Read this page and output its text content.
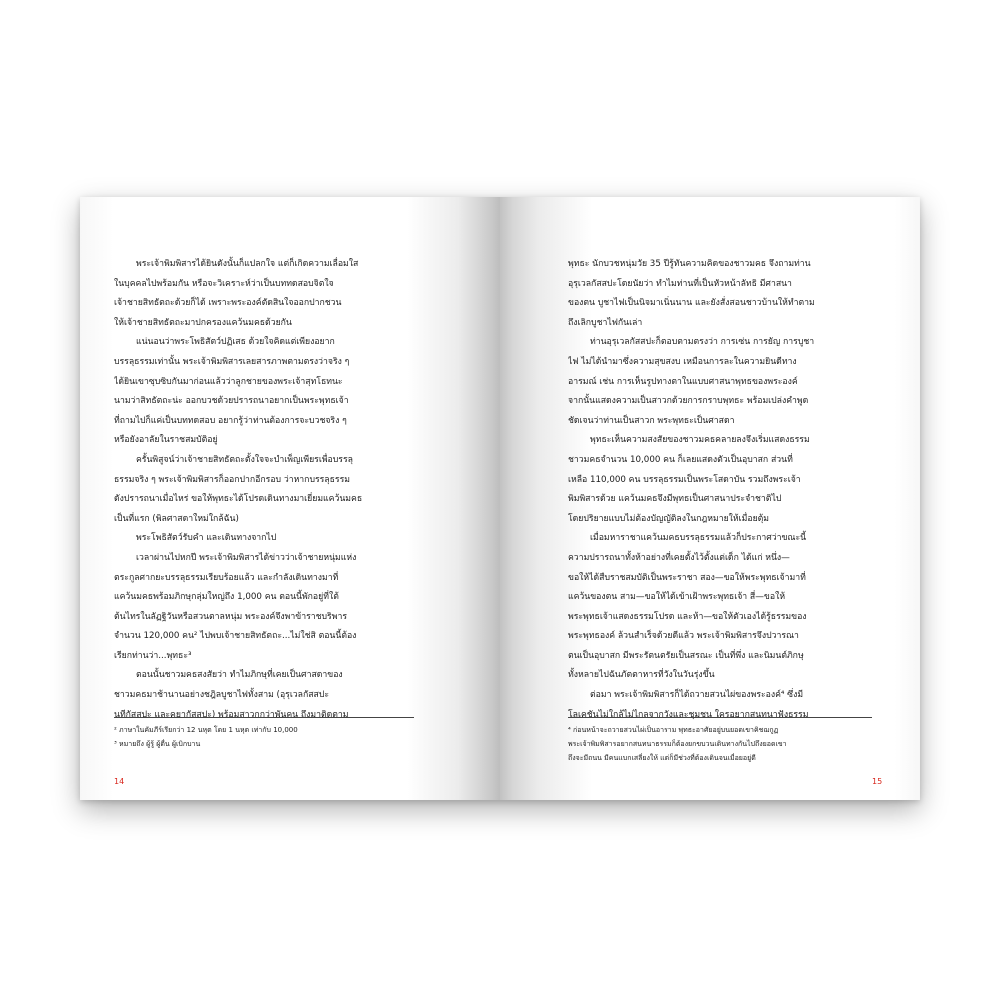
พระเจ้าพิมพิสารได้ยินดังนั้นก็แปลกใจ แต่ก็เกิดความเลื่อมใส
ในบุคคลไปพร้อมกัน หรือจะวิเคราะห์ว่าเป็นบททดสอบจิตใจ
เจ้าชายสิทธัตถะด้วยก็ได้ เพราะพระองค์ตัดสินใจออกปากชวน
ให้เจ้าชายสิทธัตถะมาปกครองแคว้นมคธด้วยกัน
แน่นอนว่าพระโพธิสัตว์ปฏิเสธ ด้วยใจคิดแต่เพียงอยาก
บรรลุธรรมเท่านั้น พระเจ้าพิมพิสารเลยสารภาพตามตรงว่าจริง ๆ
ได้ยินเขาซุบซิบกันมาก่อนแล้วว่าลูกชายของพระเจ้าสุทโธทนะ
นามว่าสิทธัตถะน่ะ ออกบวชด้วยปรารถนาอยากเป็นพระพุทธเจ้า
ที่ถามไปก็แค่เป็นบททดสอบ อยากรู้ว่าท่านต้องการจะบวชจริง ๆ
หรือยังอาลัยในราชสมบัติอยู่
ครั้นพิสูจน์ว่าเจ้าชายสิทธัตถะตั้งใจจะบำเพ็ญเพียรเพื่อบรรลุ
ธรรมจริง ๆ พระเจ้าพิมพิสารก็ออกปากอีกรอบ ว่าหากบรรลุธรรม
ดังปรารถนาเมื่อไหร่ ขอให้พุทธะได้โปรดเดินทางมาเยี่ยมแคว้นมคธ
เป็นที่แรก (พิลศาสดาใหม่ใกล้ฉัน)
พระโพธิสัตว์รับคำ และเดินทางจากไป
เวลาผ่านไปหกปี พระเจ้าพิมพิสารได้ข่าวว่าเจ้าชายหนุ่มแห่ง
ตระกูลศากยะบรรลุธรรมเรียบร้อยแล้ว และกำลังเดินทางมาที่
แคว้นมคธพร้อมภิกษุกลุ่มใหญ่ถึง 1,000 คน ตอนนี้พักอยู่ที่ใต้
ต้นไทรในลัฏฐิวันหรือสวนตาลหนุ่ม พระองค์จึงพาข้าราชบริพาร
จำนวน 120,000 คน² ไปพบเจ้าชายสิทธัตถะ...ไม่ใช่สิ ตอนนี้ต้อง
เรียกท่านว่า...พุทธะ³
ตอนนั้นชาวมคธสงสัยว่า ทำไมภิกษุที่เคยเป็นศาสดาของ
ชาวมคธมาช้านานอย่างชฎิลบูชาไฟทั้งสาม (อุรุเวลกัสสปะ
นทีกัสสปะ และคยากัสสปะ) พร้อมสาวกกว่าพันคน ถึงมาติดตาม
² ภาษาในคัมภีร์เรียกว่า 12 นหุต โดย 1 นหุต เท่ากับ 10,000
³ หมายถึง ผู้รู้ ผู้ตื่น ผู้เบิกบาน
14
พุทธะ นักบวชหนุ่มวัย 35 ปีรู้ทันความคิดของชาวมคธ จึงถามท่าน
อุรุเวลกัสสปะโดยนัยว่า ทำไมท่านที่เป็นหัวหน้าลัทธิ มีศาสนา
ของตน บูชาไฟเป็นนิจมาเนิ่นนาน และยังสั่งสอนชาวบ้านให้ทำตาม
ถึงเลิกบูชาไฟกันเล่า
ท่านอุรุเวลกัสสปะก็ตอบตามตรงว่า การเซ่น การยัญ การบูชา
ไฟ ไม่ได้นำมาซึ่งความสุขสงบ เหมือนการละในความยินดีทาง
อารมณ์ เช่น การเห็นรูปทางตาในแบบศาสนาพุทธของพระองค์
จากนั้นแสดงความเป็นสาวกด้วยการกราบพุทธะ พร้อมเปล่งคำพูด
ชัดเจนว่าท่านเป็นสาวก พระพุทธะเป็นศาสดา
พุทธะเห็นความสงสัยของชาวมคธคลายลงจึงเริ่มแสดงธรรม
ชาวมคธจำนวน 10,000 คน ก็เลยแสดงตัวเป็นอุบาสก ส่วนที่
เหลือ 110,000 คน บรรลุธรรมเป็นพระโสดาบัน รวมถึงพระเจ้า
พิมพิสารด้วย แคว้นมคธจึงมีพุทธเป็นศาสนาประจำชาติไป
โดยปริยายแบบไม่ต้องบัญญัติลงในกฎหมายให้เมื่อยตุ้ม
เมื่อมหาราชาแคว้นมคธบรรลุธรรมแล้วก็ประกาศว่าขณะนี้
ความปรารถนาทั้งห้าอย่างที่เคยตั้งไว้ตั้งแต่เด็ก ได้แก่ หนึ่ง—
ขอให้ได้สืบราชสมบัติเป็นพระราชา สอง—ขอให้พระพุทธเจ้ามาที่
แคว้นของตน สาม—ขอให้ได้เข้าเฝ้าพระพุทธเจ้า สี่—ขอให้
พระพุทธเจ้าแสดงธรรมโปรด และห้า—ขอให้ตัวเองได้รู้ธรรมของ
พระพุทธองค์ ล้วนสำเร็จด้วยดีแล้ว พระเจ้าพิมพิสารจึงปวารณา
ตนเป็นอุบาสก มีพระรัตนตรัยเป็นสรณะ เป็นที่พึ่ง และนิมนต์ภิกษุ
ทั้งหลายไปฉันภัตตาหารที่วังในวันรุ่งขึ้น
ต่อมา พระเจ้าพิมพิสารก็ได้ถวายสวนไผ่ของพระองค์⁴ ซึ่งมี
โลเคชันไม่ใกล้ไม่ไกลจากวังและชุมชน ใครอยากสนทนาฟังธรรม
⁴ ก่อนหน้าจะถวายสวนไผ่เป็นอาราม พุทธะอาศัยอยู่บนยอดเขาคิชฌกูฏ
พระเจ้าพิมพิสารอยากสนทนาธรรมก็ต้องยกขบวนเดินทางกันไปถึงยอดเขา
ถึงจะมีถนน มีคนแบกเสลี่ยงให้ แต่ก็มีช่วงที่ต้องเดินจนเมื่อยอยู่ดี
15
